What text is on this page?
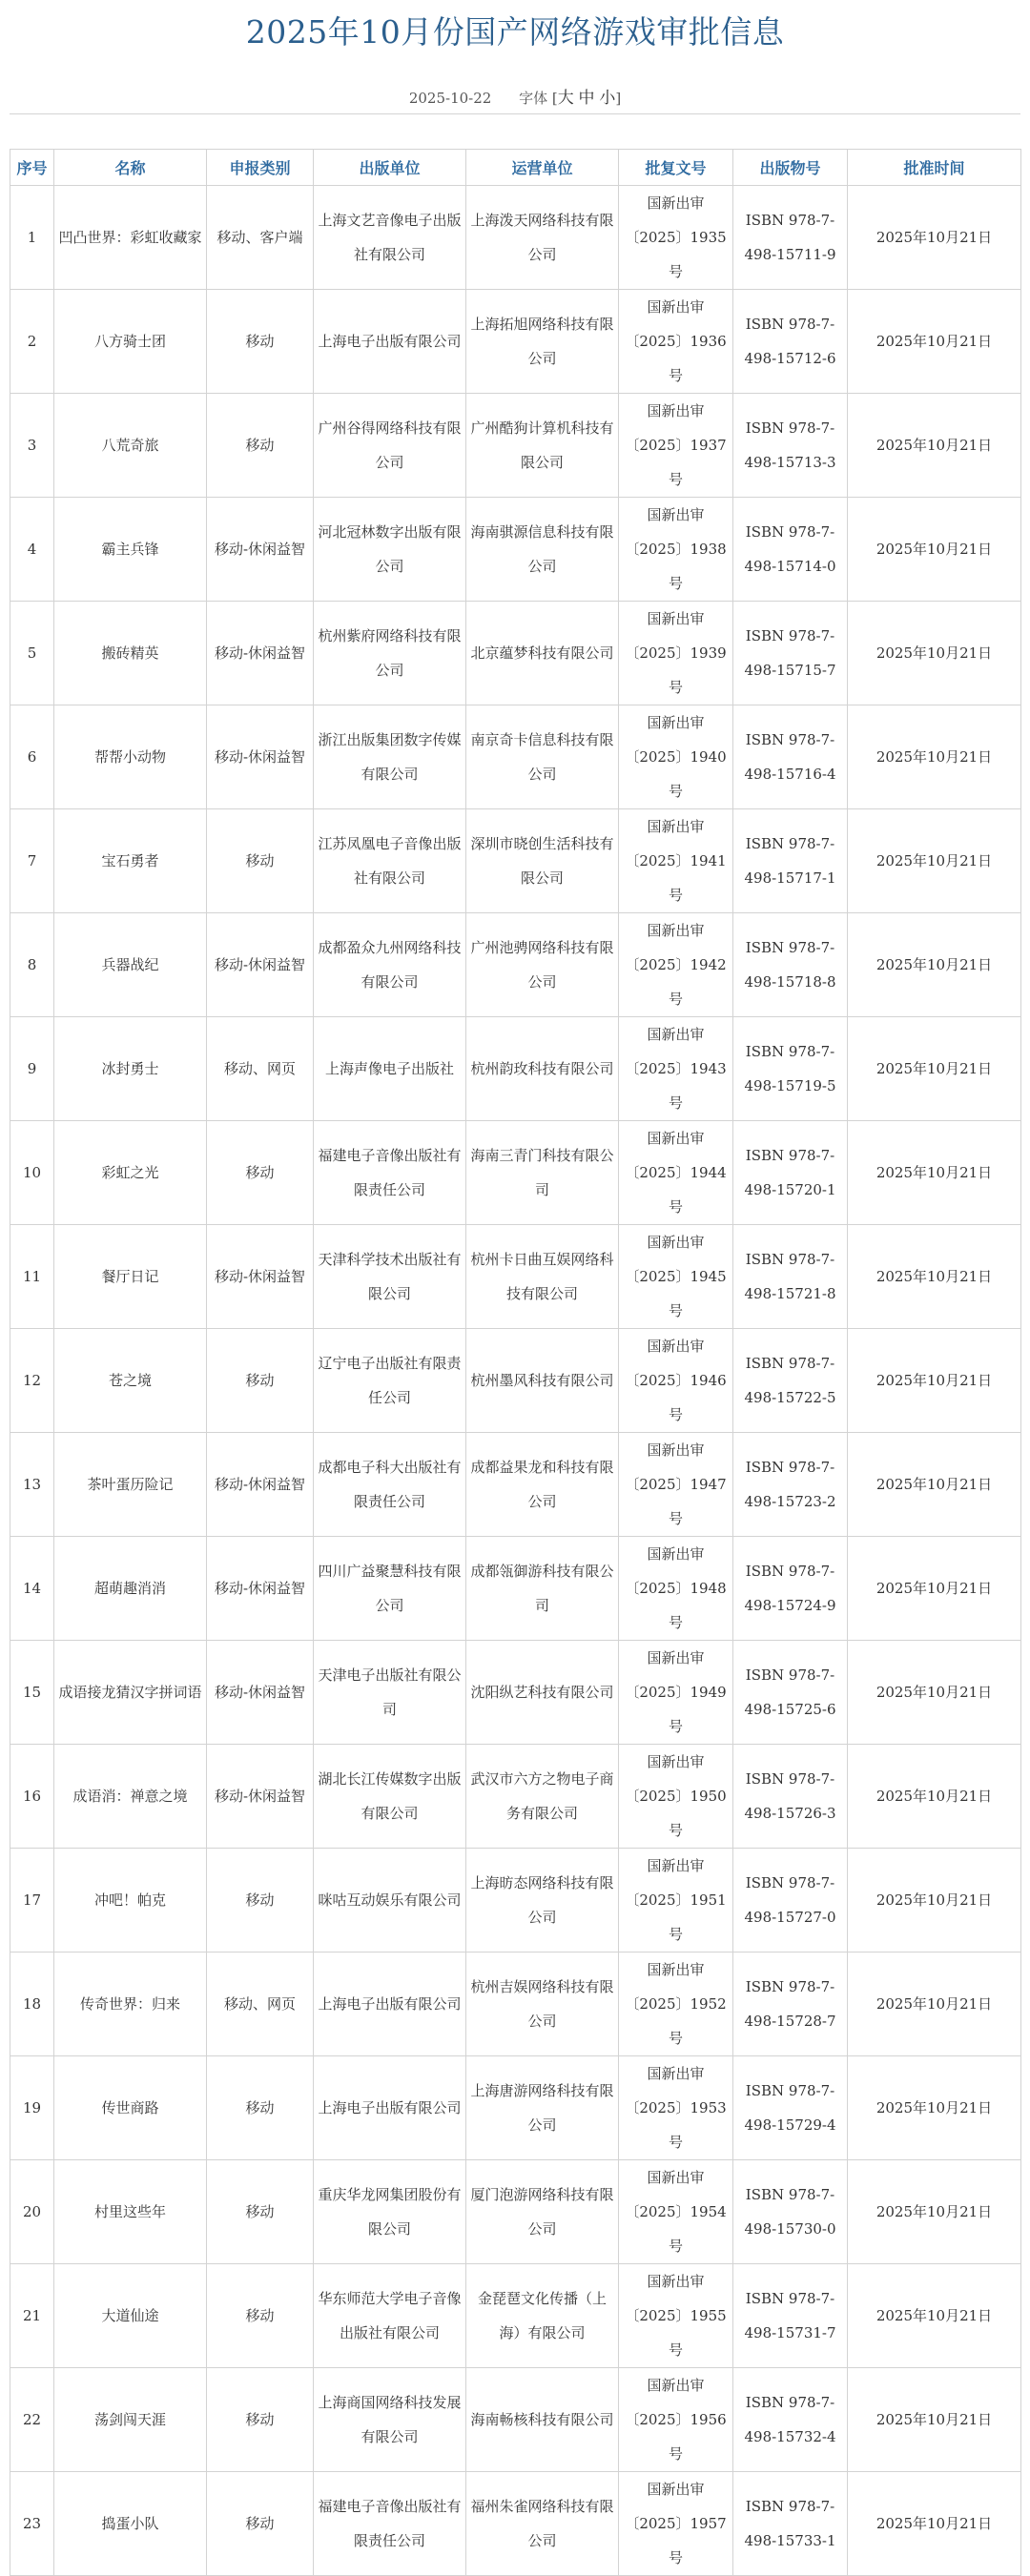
2025年10月份国产网络游戏审批信息
2025-10-22 字体 [大 中 小]
序号	名称	申报类别	出版单位	运营单位	批复文号	出版物号	批准时间
1	凹凸世界：彩虹收藏家	移动、客户端	上海文艺音像电子出版社有限公司	上海泼天网络科技有限公司	国新出审〔2025〕1935号	ISBN 978-7-498-15711-9	2025年10月21日
2	八方骑士团	移动	上海电子出版有限公司	上海拓旭网络科技有限公司	国新出审〔2025〕1936号	ISBN 978-7-498-15712-6	2025年10月21日
3	八荒奇旅	移动	广州谷得网络科技有限公司	广州酷狗计算机科技有限公司	国新出审〔2025〕1937号	ISBN 978-7-498-15713-3	2025年10月21日
4	霸主兵锋	移动-休闲益智	河北冠林数字出版有限公司	海南骐源信息科技有限公司	国新出审〔2025〕1938号	ISBN 978-7-498-15714-0	2025年10月21日
5	搬砖精英	移动-休闲益智	杭州紫府网络科技有限公司	北京蕴梦科技有限公司	国新出审〔2025〕1939号	ISBN 978-7-498-15715-7	2025年10月21日
6	帮帮小动物	移动-休闲益智	浙江出版集团数字传媒有限公司	南京奇卡信息科技有限公司	国新出审〔2025〕1940号	ISBN 978-7-498-15716-4	2025年10月21日
7	宝石勇者	移动	江苏凤凰电子音像出版社有限公司	深圳市晓创生活科技有限公司	国新出审〔2025〕1941号	ISBN 978-7-498-15717-1	2025年10月21日
8	兵器战纪	移动-休闲益智	成都盈众九州网络科技有限公司	广州池骋网络科技有限公司	国新出审〔2025〕1942号	ISBN 978-7-498-15718-8	2025年10月21日
9	冰封勇士	移动、网页	上海声像电子出版社	杭州韵玫科技有限公司	国新出审〔2025〕1943号	ISBN 978-7-498-15719-5	2025年10月21日
10	彩虹之光	移动	福建电子音像出版社有限责任公司	海南三青门科技有限公司	国新出审〔2025〕1944号	ISBN 978-7-498-15720-1	2025年10月21日
11	餐厅日记	移动-休闲益智	天津科学技术出版社有限公司	杭州卡日曲互娱网络科技有限公司	国新出审〔2025〕1945号	ISBN 978-7-498-15721-8	2025年10月21日
12	苍之境	移动	辽宁电子出版社有限责任公司	杭州墨风科技有限公司	国新出审〔2025〕1946号	ISBN 978-7-498-15722-5	2025年10月21日
13	茶叶蛋历险记	移动-休闲益智	成都电子科大出版社有限责任公司	成都益果龙和科技有限公司	国新出审〔2025〕1947号	ISBN 978-7-498-15723-2	2025年10月21日
14	超萌趣消消	移动-休闲益智	四川广益聚慧科技有限公司	成都瓴御游科技有限公司	国新出审〔2025〕1948号	ISBN 978-7-498-15724-9	2025年10月21日
15	成语接龙猜汉字拼词语	移动-休闲益智	天津电子出版社有限公司	沈阳纵艺科技有限公司	国新出审〔2025〕1949号	ISBN 978-7-498-15725-6	2025年10月21日
16	成语消：禅意之境	移动-休闲益智	湖北长江传媒数字出版有限公司	武汉市六方之物电子商务有限公司	国新出审〔2025〕1950号	ISBN 978-7-498-15726-3	2025年10月21日
17	冲吧！帕克	移动	咪咕互动娱乐有限公司	上海昉态网络科技有限公司	国新出审〔2025〕1951号	ISBN 978-7-498-15727-0	2025年10月21日
18	传奇世界：归来	移动、网页	上海电子出版有限公司	杭州吉娱网络科技有限公司	国新出审〔2025〕1952号	ISBN 978-7-498-15728-7	2025年10月21日
19	传世商路	移动	上海电子出版有限公司	上海唐游网络科技有限公司	国新出审〔2025〕1953号	ISBN 978-7-498-15729-4	2025年10月21日
20	村里这些年	移动	重庆华龙网集团股份有限公司	厦门泡游网络科技有限公司	国新出审〔2025〕1954号	ISBN 978-7-498-15730-0	2025年10月21日
21	大道仙途	移动	华东师范大学电子音像出版社有限公司	金琵琶文化传播（上海）有限公司	国新出审〔2025〕1955号	ISBN 978-7-498-15731-7	2025年10月21日
22	荡剑闯天涯	移动	上海商国网络科技发展有限公司	海南畅核科技有限公司	国新出审〔2025〕1956号	ISBN 978-7-498-15732-4	2025年10月21日
23	捣蛋小队	移动	福建电子音像出版社有限责任公司	福州朱雀网络科技有限公司	国新出审〔2025〕1957号	ISBN 978-7-498-15733-1	2025年10月21日
